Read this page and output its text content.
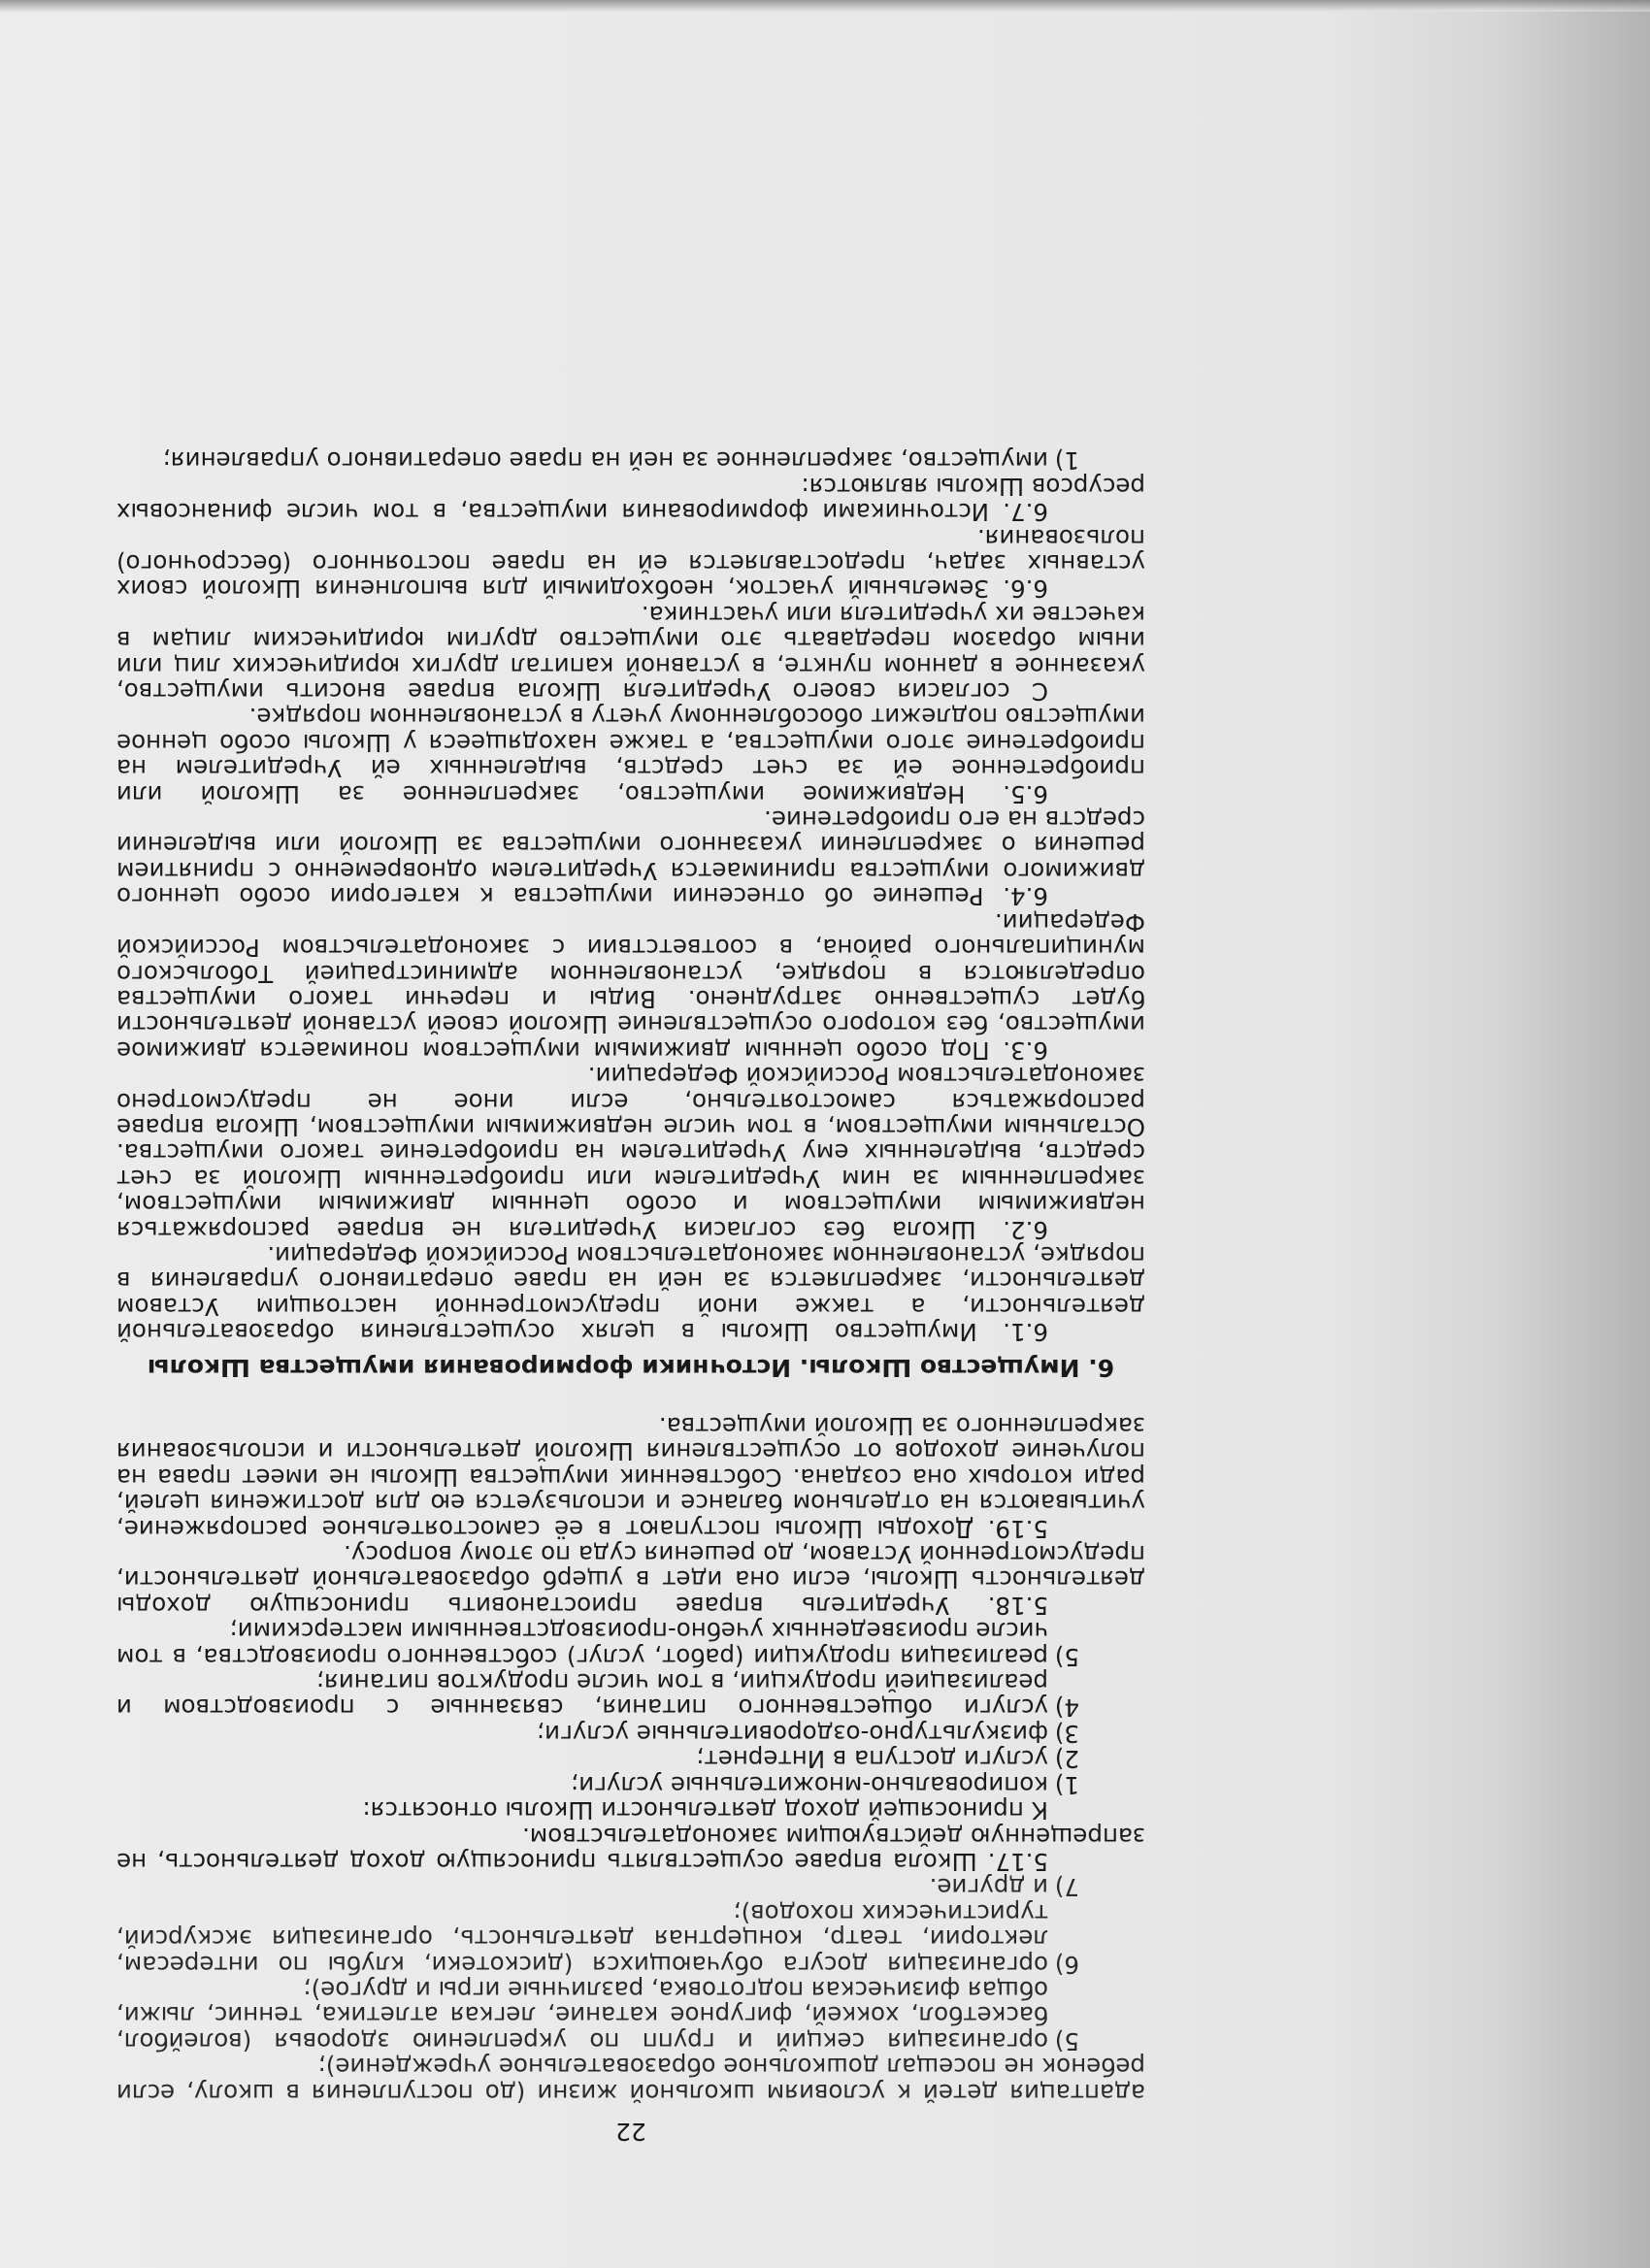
22

адаптация детей к условиям школьной жизни (до поступления в школу, если ребенок не посещал дошкольное образовательное учреждение);

5)
организация секций и групп по укреплению здоровья (волейбол, баскетбол, хоккей, фигурное катание, легкая атлетика, теннис, лыжи, общая физическая подготовка, различные игры и другое);
6)
организация досуга обучающихся (дискотеки, клубы по интересам, лектории, театр, концертная деятельность, организация экскурсий, туристических походов);
7)
и другие.

5.17. Школа вправе осуществлять приносящую доход деятельность, не запрещенную действующим законодательством.

К приносящей доход деятельности Школы относятся:

1)
копировально-множительные услуги;
2)
услуги доступа в Интернет;
3)
физкультурно-оздоровительные услуги;
4)
услуги общественного питания, связанные с производством и реализацией продукции, в том числе продуктов питания;
5)
реализация продукции (работ, услуг) собственного производства, в том числе произведенных учебно-производственными мастерскими;

5.18. Учредитель вправе приостановить приносящую доходы деятельность Школы, если она идет в ущерб образовательной деятельности, предусмотренной Уставом, до решения суда по этому вопросу.

5.19. Доходы Школы поступают в её самостоятельное распоряжение, учитываются на отдельном балансе и используется ею для достижения целей, ради которых она создана. Собственник имущества Школы не имеет права на получение доходов от осуществления Школой деятельности и использования закрепленного за Школой имущества.

6. Имущество Школы. Источники формирования имущества Школы

6.1. Имущество Школы в целях осуществления образовательной деятельности, а также иной предусмотренной настоящим Уставом деятельности, закрепляется за ней на праве оперативного управления в порядке, установленном законодательством Российской Федерации.

6.2. Школа без согласия Учредителя не вправе распоряжаться недвижимым имуществом и особо ценным движимым имуществом, закрепленным за ним Учредителем или приобретенным Школой за счет средств, выделенных ему Учредителем на приобретение такого имущества. Остальным имуществом, в том числе недвижимым имуществом, Школа вправе распоряжаться самостоятельно, если иное не предусмотрено законодательством Российской Федерации.

6.3. Под особо ценным движимым имуществом понимается движимое имущество, без которого осуществление Школой своей уставной деятельности будет существенно затруднено. Виды и перечни такого имущества определяются в порядке, установленном администрацией Тобольского муниципального района, в соответствии с законодательством Российской Федерации.

6.4. Решение об отнесении имущества к категории особо ценного движимого имущества принимается Учредителем одновременно с принятием решения о закреплении указанного имущества за Школой или выделении средств на его приобретение.

6.5. Недвижимое имущество, закрепленное за Школой или приобретенное ей за счет средств, выделенных ей Учредителем на приобретение этого имущества, а также находящееся у Школы особо ценное имущество подлежит обособленному учету в установленном порядке.

С согласия своего Учредителя Школа вправе вносить имущество, указанное в данном пункте, в уставной капитал других юридических лиц или иным образом передавать это имущество другим юридическим лицам в качестве их учредителя или участника.

6.6. Земельный участок, необходимый для выполнения Школой своих уставных задач, предоставляется ей на праве постоянного (бессрочного) пользования.

6.7. Источниками формирования имущества, в том числе финансовых ресурсов Школы являются:

1)
имущество, закрепленное за ней на праве оперативного управления;
